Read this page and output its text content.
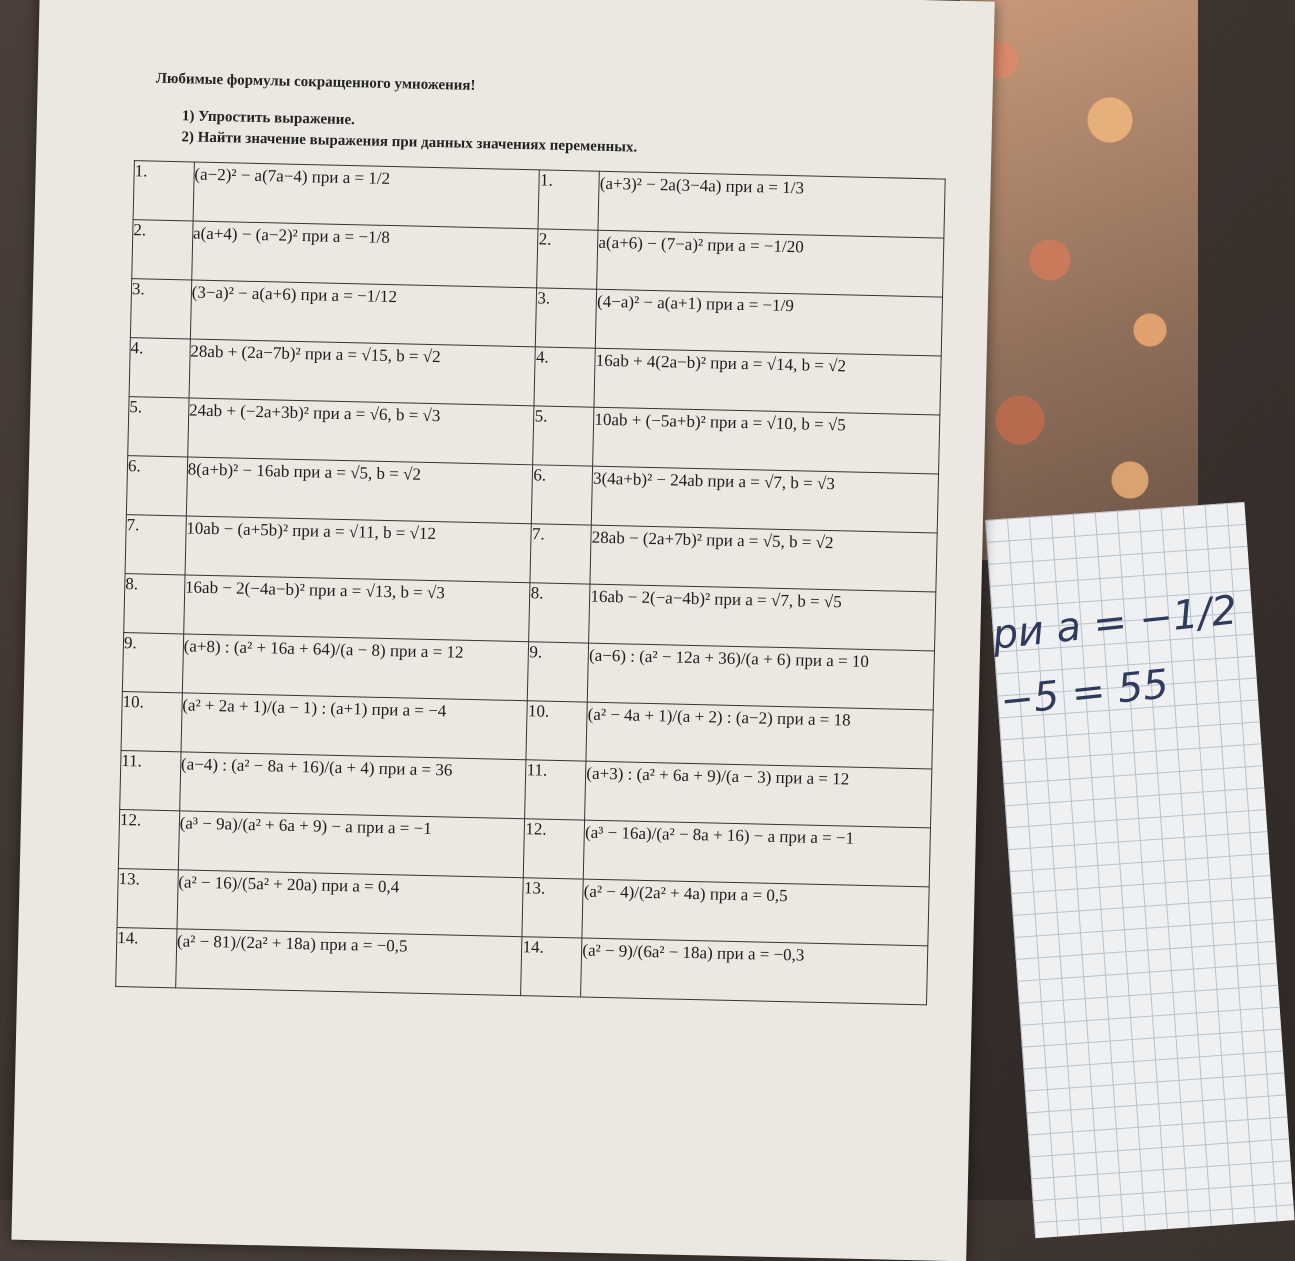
ри a = −1/2
−5 = 55
Любимые формулы сокращенного умножения!
1) Упростить выражение.
2) Найти значение выражения при данных значениях переменных.
1.	(a−2)² − a(7a−4) при a = 1/2	1.	(a+3)² − 2a(3−4a) при a = 1/3
2.	a(a+4) − (a−2)² при a = −1/8	2.	a(a+6) − (7−a)² при a = −1/20
3.	(3−a)² − a(a+6) при a = −1/12	3.	(4−a)² − a(a+1) при a = −1/9
4.	28ab + (2a−7b)² при a = √15, b = √2	4.	16ab + 4(2a−b)² при a = √14, b = √2
5.	24ab + (−2a+3b)² при a = √6, b = √3	5.	10ab + (−5a+b)² при a = √10, b = √5
6.	8(a+b)² − 16ab при a = √5, b = √2	6.	3(4a+b)² − 24ab при a = √7, b = √3
7.	10ab − (a+5b)² при a = √11, b = √12	7.	28ab − (2a+7b)² при a = √5, b = √2
8.	16ab − 2(−4a−b)² при a = √13, b = √3	8.	16ab − 2(−a−4b)² при a = √7, b = √5
9.	(a+8) : (a² + 16a + 64)/(a − 8) при a = 12	9.	(a−6) : (a² − 12a + 36)/(a + 6) при a = 10
10.	(a² + 2a + 1)/(a − 1) : (a+1) при a = −4	10.	(a² − 4a + 1)/(a + 2) : (a−2) при a = 18
11.	(a−4) : (a² − 8a + 16)/(a + 4) при a = 36	11.	(a+3) : (a² + 6a + 9)/(a − 3) при a = 12
12.	(a³ − 9a)/(a² + 6a + 9) − a при a = −1	12.	(a³ − 16a)/(a² − 8a + 16) − a при a = −1
13.	(a² − 16)/(5a² + 20a) при a = 0,4	13.	(a² − 4)/(2a² + 4a) при a = 0,5
14.	(a² − 81)/(2a² + 18a) при a = −0,5	14.	(a² − 9)/(6a² − 18a) при a = −0,3
